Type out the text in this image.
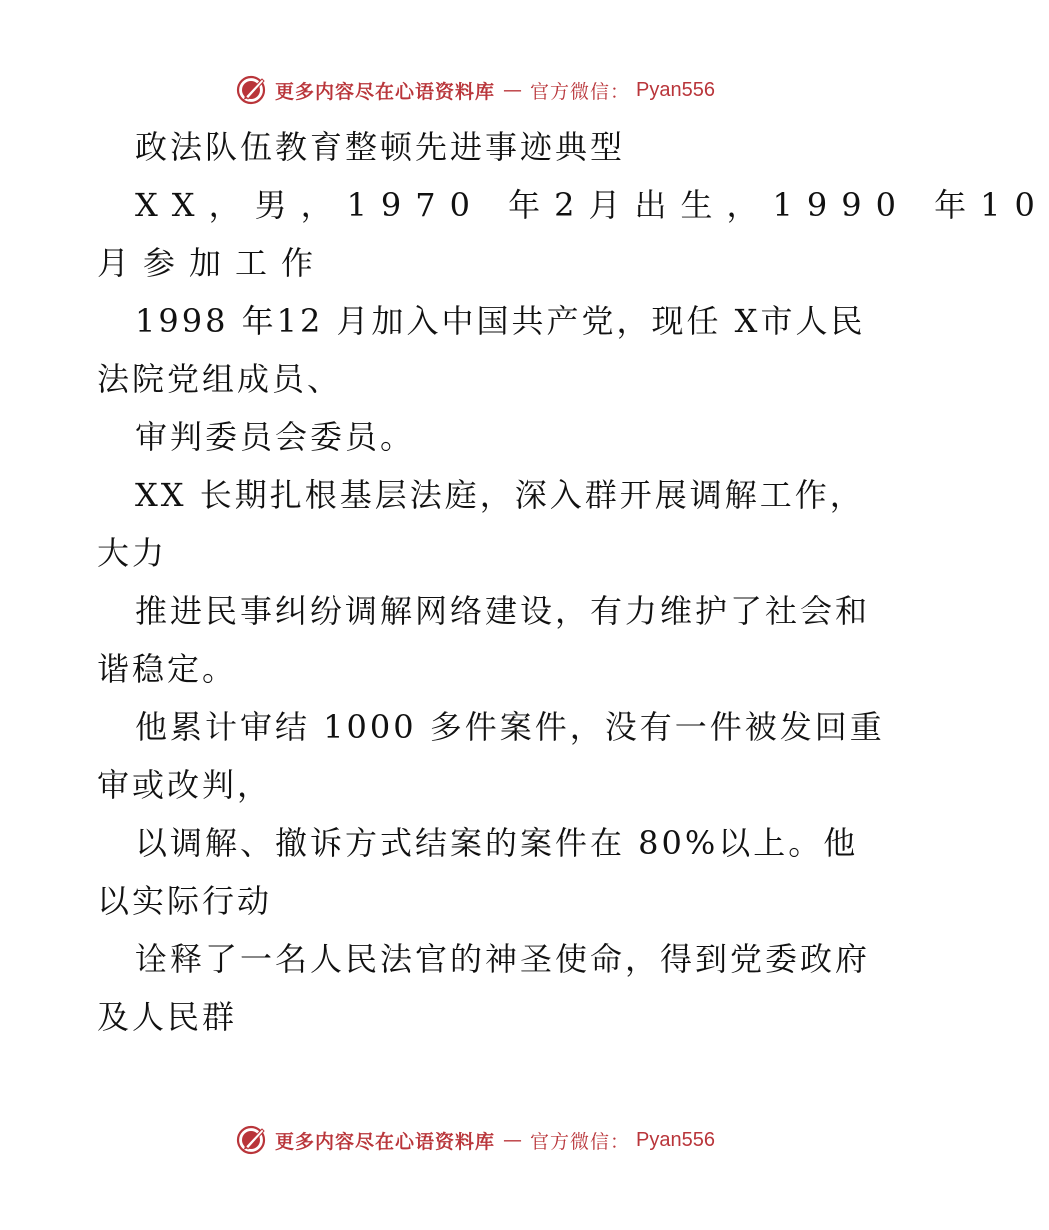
更多内容尽在心语资料库 — 官方微信： Pyan556
政法队伍教育整顿先进事迹典型
XX，男，1970 年2月出生，1990 年10
月参加工作
1998 年12 月加入中国共产党，现任 X市人民
法院党组成员、
审判委员会委员。
XX 长期扎根基层法庭，深入群开展调解工作，
大力
推进民事纠纷调解网络建设，有力维护了社会和
谐稳定。
他累计审结 1000 多件案件，没有一件被发回重
审或改判，
以调解、撤诉方式结案的案件在 80%以上。他
以实际行动
诠释了一名人民法官的神圣使命，得到党委政府
及人民群
更多内容尽在心语资料库 — 官方微信： Pyan556
